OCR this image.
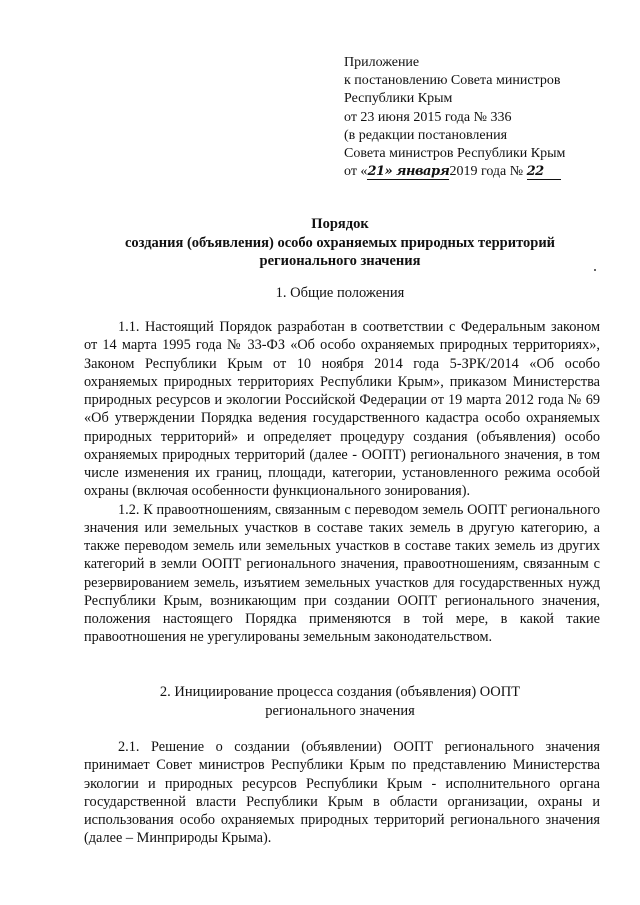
Приложение
к постановлению Совета министров
Республики Крым
от 23 июня 2015 года № 336
(в редакции постановления
Совета министров Республики Крым
от «21» января2019 года № 22
Порядок
создания (объявления) особо охраняемых природных территорий
регионального значения
1. Общие положения

1.1. Настоящий Порядок разработан в соответствии с Федеральным законом от 14 марта 1995 года № 33-ФЗ «Об особо охраняемых природных территориях», Законом Республики Крым от 10 ноября 2014 года 5-ЗРК/2014 «Об особо охраняемых природных территориях Республики Крым», приказом Министерства природных ресурсов и экологии Российской Федерации от 19 марта 2012 года № 69 «Об утверждении Порядка ведения государственного кадастра особо охраняемых природных территорий» и определяет процедуру создания (объявления) особо охраняемых природных территорий (далее - ООПТ) регионального значения, в том числе изменения их границ, площади, категории, установленного режима особой охраны (включая особенности функционального зонирования).

1.2. К правоотношениям, связанным с переводом земель ООПТ регионального значения или земельных участков в составе таких земель в другую категорию, а также переводом земель или земельных участков в составе таких земель из других категорий в земли ООПТ регионального значения, правоотношениям, связанным с резервированием земель, изъятием земельных участков для государственных нужд Республики Крым, возникающим при создании ООПТ регионального значения, положения настоящего Порядка применяются в той мере, в какой такие правоотношения не урегулированы земельным законодательством.

2. Инициирование процесса создания (объявления) ООПТ
регионального значения

2.1. Решение о создании (объявлении) ООПТ регионального значения принимает Совет министров Республики Крым по представлению Министерства экологии и природных ресурсов Республики Крым - исполнительного органа государственной власти Республики Крым в области организации, охраны и использования особо охраняемых природных территорий регионального значения (далее – Минприроды Крыма).
